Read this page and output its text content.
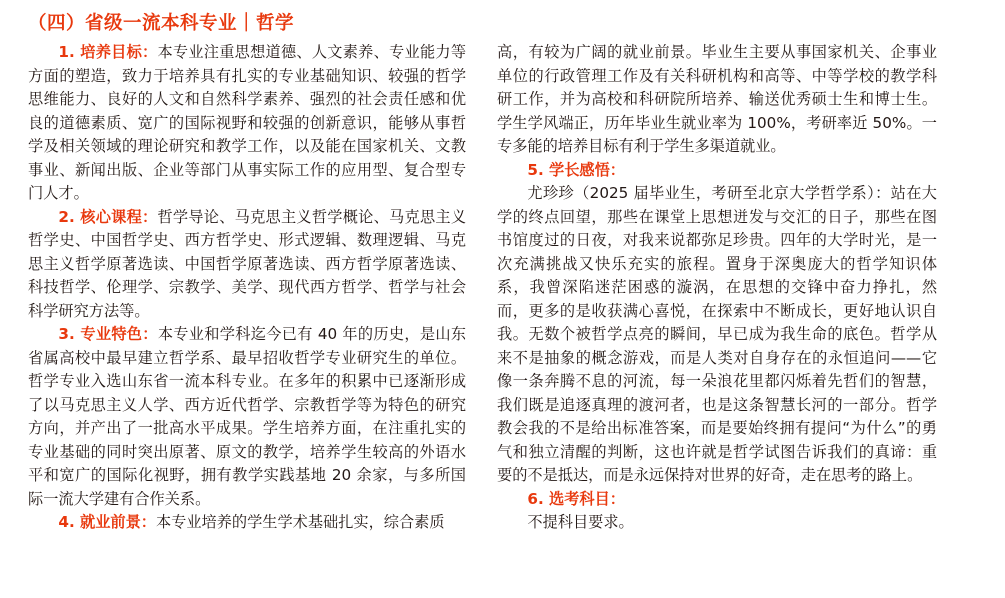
（四）省级一流本科专业｜哲学

1. 培养目标：本专业注重思想道德、人文素养、专业能力等方面的塑造，致力于培养具有扎实的专业基础知识、较强的哲学思维能力、良好的人文和自然科学素养、强烈的社会责任感和优良的道德素质、宽广的国际视野和较强的创新意识，能够从事哲学及相关领域的理论研究和教学工作，以及能在国家机关、文教事业、新闻出版、企业等部门从事实际工作的应用型、复合型专门人才。

2. 核心课程：哲学导论、马克思主义哲学概论、马克思主义哲学史、中国哲学史、西方哲学史、形式逻辑、数理逻辑、马克思主义哲学原著选读、中国哲学原著选读、西方哲学原著选读、科技哲学、伦理学、宗教学、美学、现代西方哲学、哲学与社会科学研究方法等。

3. 专业特色：本专业和学科迄今已有 40 年的历史，是山东省属高校中最早建立哲学系、最早招收哲学专业研究生的单位。哲学专业入选山东省一流本科专业。在多年的积累中已逐渐形成了以马克思主义人学、西方近代哲学、宗教哲学等为特色的研究方向，并产出了一批高水平成果。学生培养方面，在注重扎实的专业基础的同时突出原著、原文的教学，培养学生较高的外语水平和宽广的国际化视野，拥有教学实践基地 20 余家，与多所国际一流大学建有合作关系。

4. 就业前景：本专业培养的学生学术基础扎实，综合素质

高，有较为广阔的就业前景。毕业生主要从事国家机关、企事业单位的行政管理工作及有关科研机构和高等、中等学校的教学科研工作，并为高校和科研院所培养、输送优秀硕士生和博士生。学生学风端正，历年毕业生就业率为 100%，考研率近 50%。一专多能的培养目标有利于学生多渠道就业。

5. 学长感悟：

尤珍珍（2025 届毕业生，考研至北京大学哲学系）：站在大学的终点回望，那些在课堂上思想迸发与交汇的日子，那些在图书馆度过的日夜，对我来说都弥足珍贵。四年的大学时光，是一次充满挑战又快乐充实的旅程。置身于深奥庞大的哲学知识体系，我曾深陷迷茫困惑的漩涡，在思想的交锋中奋力挣扎，然而，更多的是收获满心喜悦，在探索中不断成长，更好地认识自我。无数个被哲学点亮的瞬间，早已成为我生命的底色。哲学从来不是抽象的概念游戏，而是人类对自身存在的永恒追问——它像一条奔腾不息的河流，每一朵浪花里都闪烁着先哲们的智慧，我们既是追逐真理的渡河者，也是这条智慧长河的一部分。哲学教会我的不是给出标准答案，而是要始终拥有提问“为什么”的勇气和独立清醒的判断，这也许就是哲学试图告诉我们的真谛：重要的不是抵达，而是永远保持对世界的好奇，走在思考的路上。

6. 选考科目：

不提科目要求。
